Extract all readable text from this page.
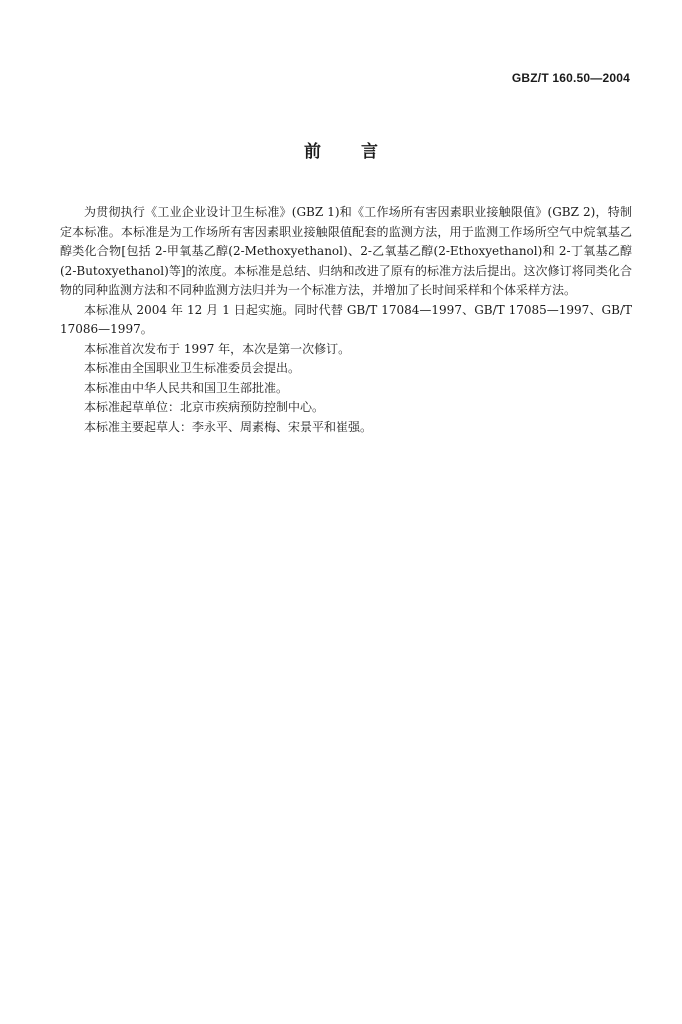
GBZ/T 160.50—2004
前言

为贯彻执行《工业企业设计卫生标准》(GBZ 1)和《工作场所有害因素职业接触限值》(GBZ 2)，特制定本标准。本标准是为工作场所有害因素职业接触限值配套的监测方法，用于监测工作场所空气中烷氧基乙醇类化合物[包括 2-甲氧基乙醇(2-Methoxyethanol)、2-乙氧基乙醇(2-Ethoxyethanol)和 2-丁氧基乙醇(2-Butoxyethanol)等]的浓度。本标准是总结、归纳和改进了原有的标准方法后提出。这次修订将同类化合物的同种监测方法和不同种监测方法归并为一个标准方法，并增加了长时间采样和个体采样方法。

本标准从 2004 年 12 月 1 日起实施。同时代替 GB/T 17084—1997、GB/T 17085—1997、GB/T 17086—1997。

本标准首次发布于 1997 年，本次是第一次修订。

本标准由全国职业卫生标准委员会提出。

本标准由中华人民共和国卫生部批准。

本标准起草单位：北京市疾病预防控制中心。

本标准主要起草人：李永平、周素梅、宋景平和崔强。
